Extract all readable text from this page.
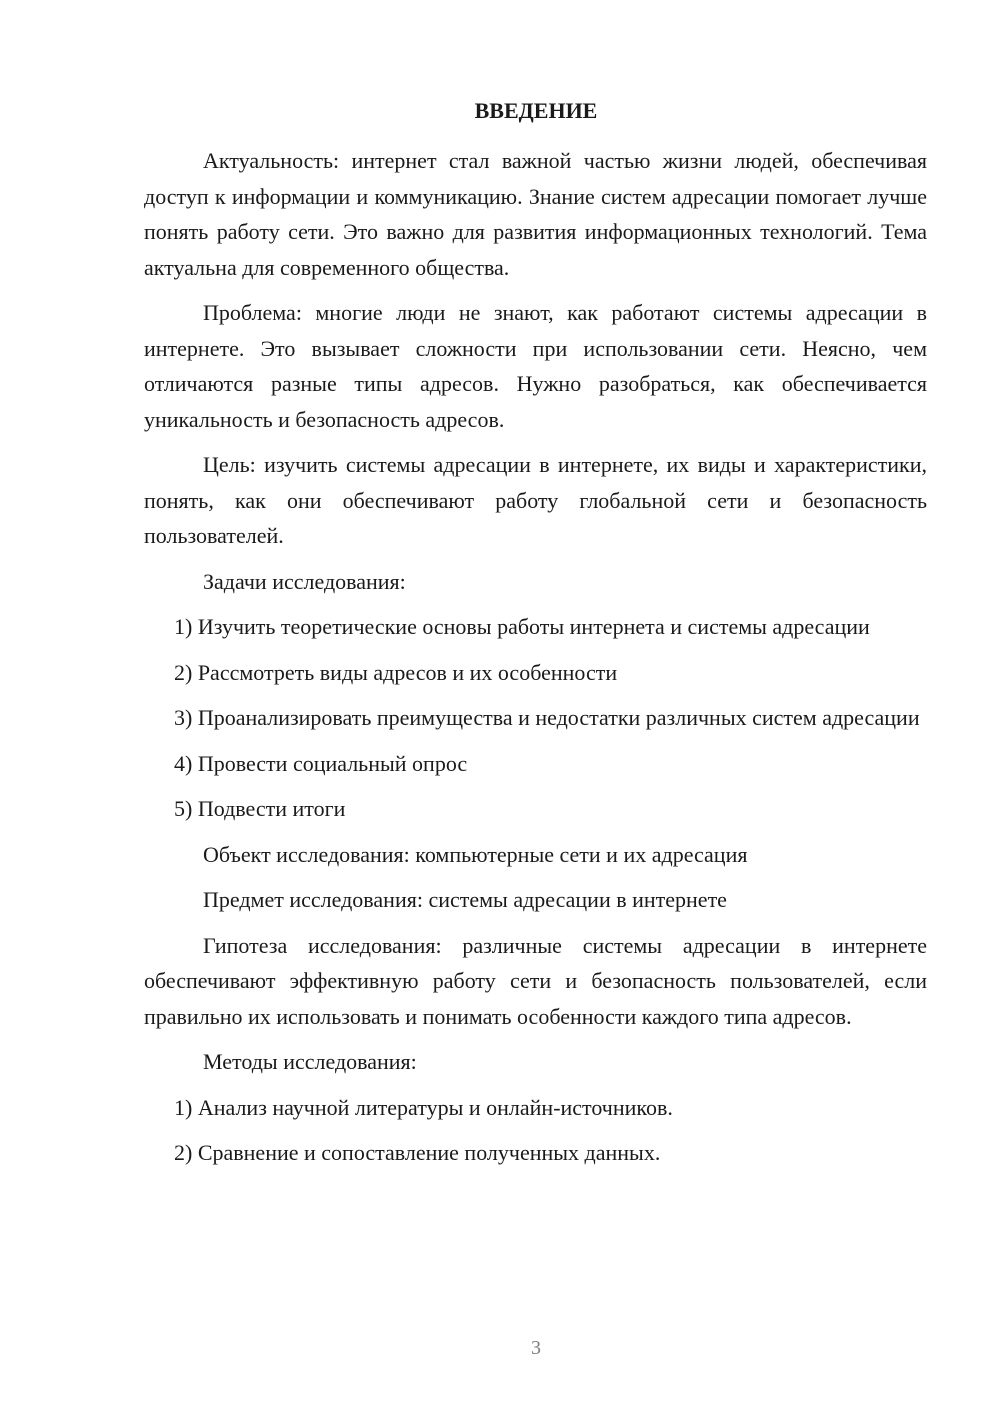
ВВЕДЕНИЕ

Актуальность: интернет стал важной частью жизни людей, обеспечивая доступ к информации и коммуникацию. Знание систем адресации помогает лучше понять работу сети. Это важно для развития информационных технологий. Тема актуальна для современного общества.

Проблема: многие люди не знают, как работают системы адресации в интернете. Это вызывает сложности при использовании сети. Неясно, чем отличаются разные типы адресов. Нужно разобраться, как обеспечивается уникальность и безопасность адресов.

Цель: изучить системы адресации в интернете, их виды и характеристики, понять, как они обеспечивают работу глобальной сети и безопасность пользователей.

Задачи исследования:

1) Изучить теоретические основы работы интернета и системы адресации

2) Рассмотреть виды адресов и их особенности

3) Проанализировать преимущества и недостатки различных систем адресации

4) Провести социальный опрос

5) Подвести итоги

Объект исследования: компьютерные сети и их адресация

Предмет исследования: системы адресации в интернете

Гипотеза исследования: различные системы адресации в интернете обеспечивают эффективную работу сети и безопасность пользователей, если правильно их использовать и понимать особенности каждого типа адресов.

Методы исследования:

1) Анализ научной литературы и онлайн-источников.

2) Сравнение и сопоставление полученных данных.

3
